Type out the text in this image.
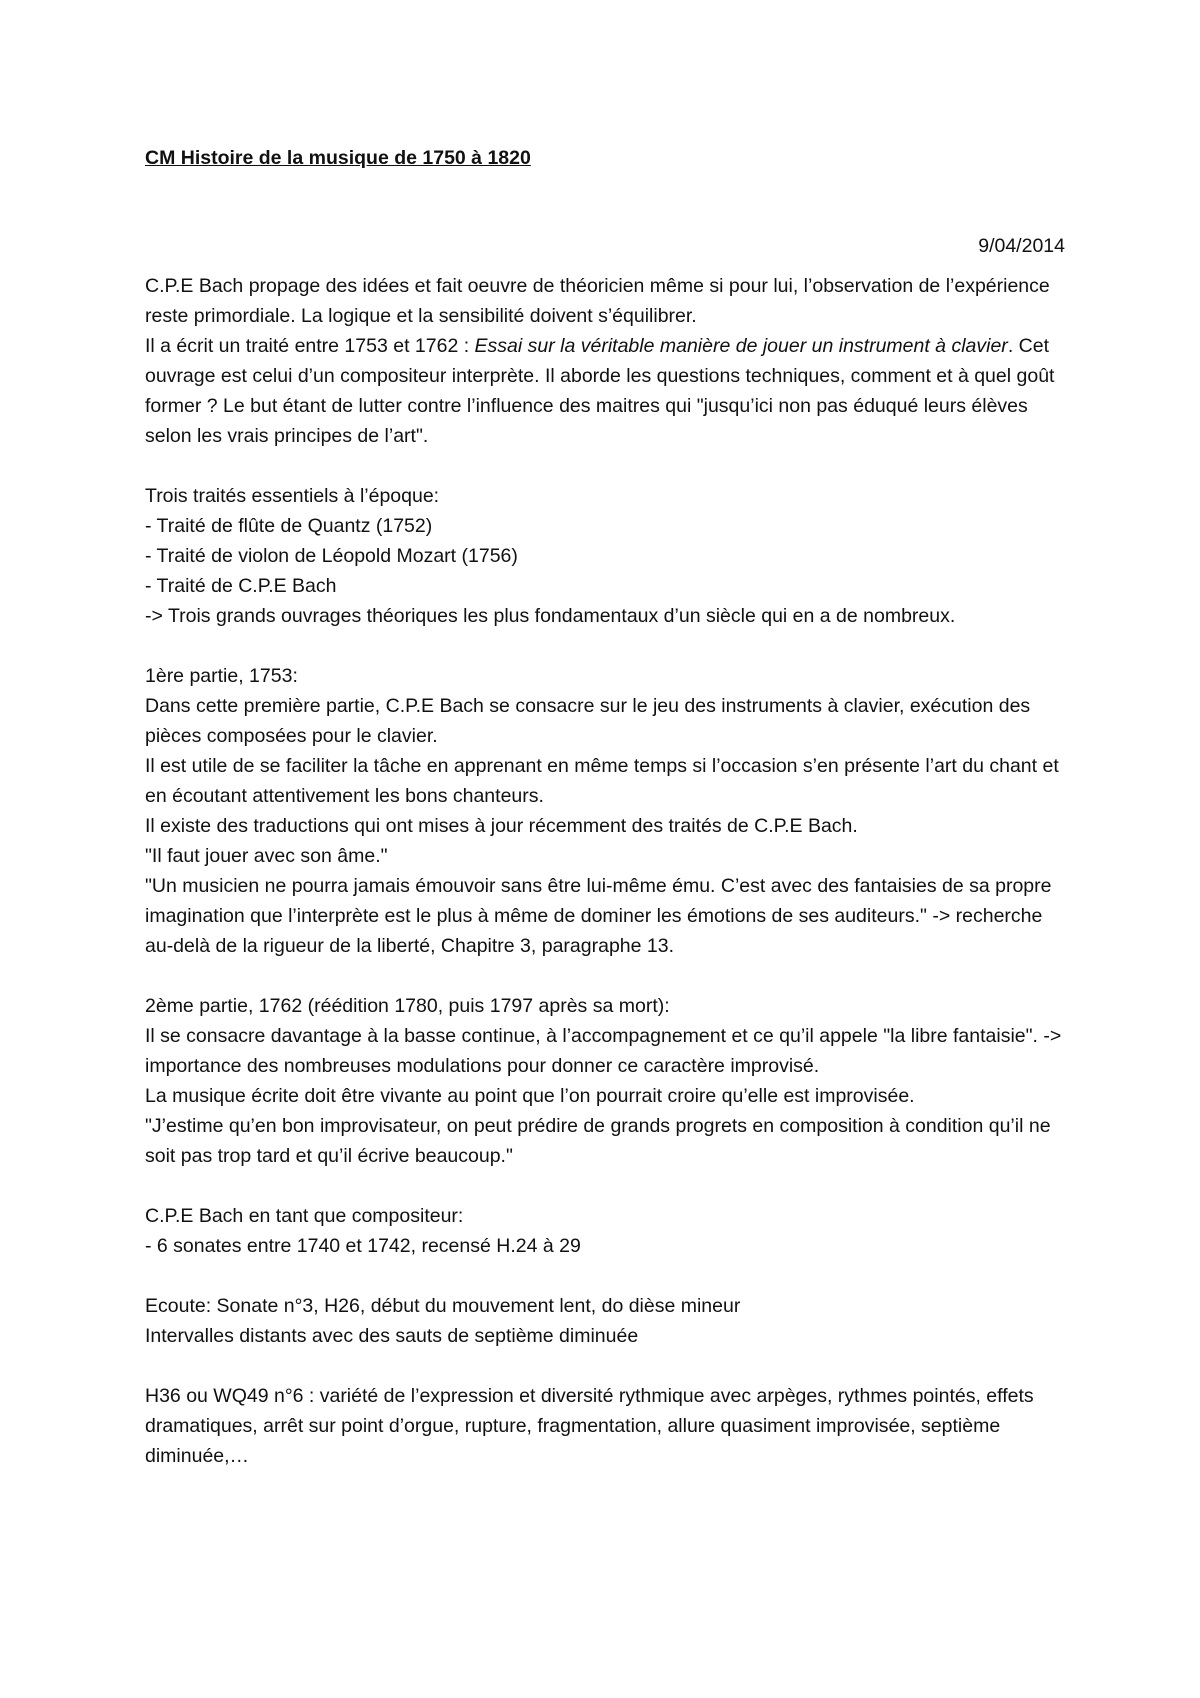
CM Histoire de la musique de 1750 à 1820
9/04/2014
C.P.E Bach propage des idées et fait oeuvre de théoricien même si pour lui, l’observation de l’expérience reste primordiale. La logique et la sensibilité doivent s’équilibrer.
Il a écrit un traité entre 1753 et 1762 : Essai sur la véritable manière de jouer un instrument à clavier. Cet ouvrage est celui d’un compositeur interprète. Il aborde les questions techniques, comment et à quel goût former ? Le but étant de lutter contre l’influence des maitres qui "jusqu’ici non pas éduqué leurs élèves selon les vrais principes de l’art".
Trois traités essentiels à l’époque:
- Traité de flûte de Quantz (1752)
- Traité de violon de Léopold Mozart (1756)
- Traité de C.P.E Bach
-> Trois grands ouvrages théoriques les plus fondamentaux d’un siècle qui en a de nombreux.
1ère partie, 1753:
Dans cette première partie, C.P.E Bach se consacre sur le jeu des instruments à clavier, exécution des pièces composées pour le clavier.
Il est utile de se faciliter la tâche en apprenant en même temps si l’occasion s’en présente l’art du chant et en écoutant attentivement les bons chanteurs.
Il existe des traductions qui ont mises à jour récemment des traités de C.P.E Bach.
"Il faut jouer avec son âme."
"Un musicien ne pourra jamais émouvoir sans être lui-même ému. C’est avec des fantaisies de sa propre imagination que l’interprète est le plus à même de dominer les émotions de ses auditeurs." -> recherche au-delà de la rigueur de la liberté, Chapitre 3, paragraphe 13.
2ème partie, 1762 (réédition 1780, puis 1797 après sa mort):
Il se consacre davantage à la basse continue, à l’accompagnement et ce qu’il appele "la libre fantaisie". -> importance des nombreuses modulations pour donner ce caractère improvisé.
La musique écrite doit être vivante au point que l’on pourrait croire qu’elle est improvisée.
"J’estime qu’en bon improvisateur, on peut prédire de grands progrets en composition à condition qu’il ne soit pas trop tard et qu’il écrive beaucoup."
C.P.E Bach en tant que compositeur:
- 6 sonates entre 1740 et 1742, recensé H.24 à 29
Ecoute: Sonate n°3, H26, début du mouvement lent, do dièse mineur
Intervalles distants avec des sauts de septième diminuée
H36 ou WQ49 n°6 : variété de l’expression et diversité rythmique avec arpèges, rythmes pointés, effets dramatiques, arrêt sur point d’orgue, rupture, fragmentation, allure quasiment improvisée, septième diminuée,…
